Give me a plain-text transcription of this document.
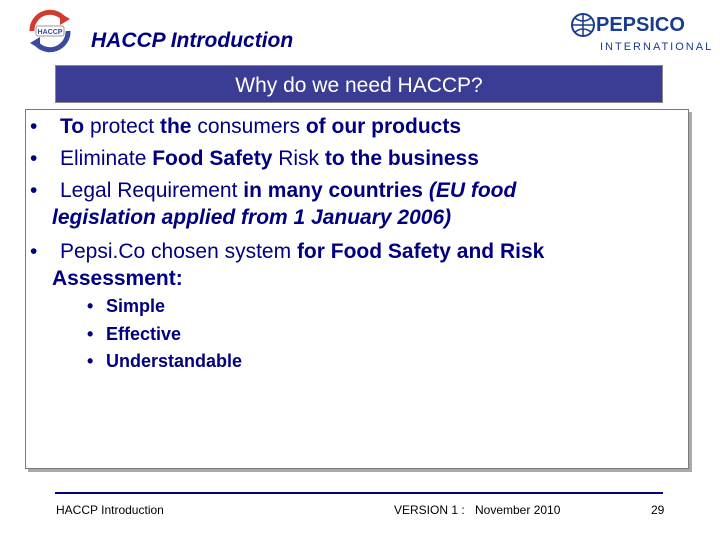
HACCP HACCP Introduction
PEPSICO
INTERNATIONAL
Why do we need HACCP?
• To protect the consumers of our products
• Eliminate Food Safety Risk to the business
• Legal Requirement in many countries (EU food
legislation applied from 1 January 2006)
• Pepsi.Co chosen system for Food Safety and Risk
Assessment:
• Simple
• Effective
• Understandable
HACCP Introduction	VERSION 1 : November 2010	29
